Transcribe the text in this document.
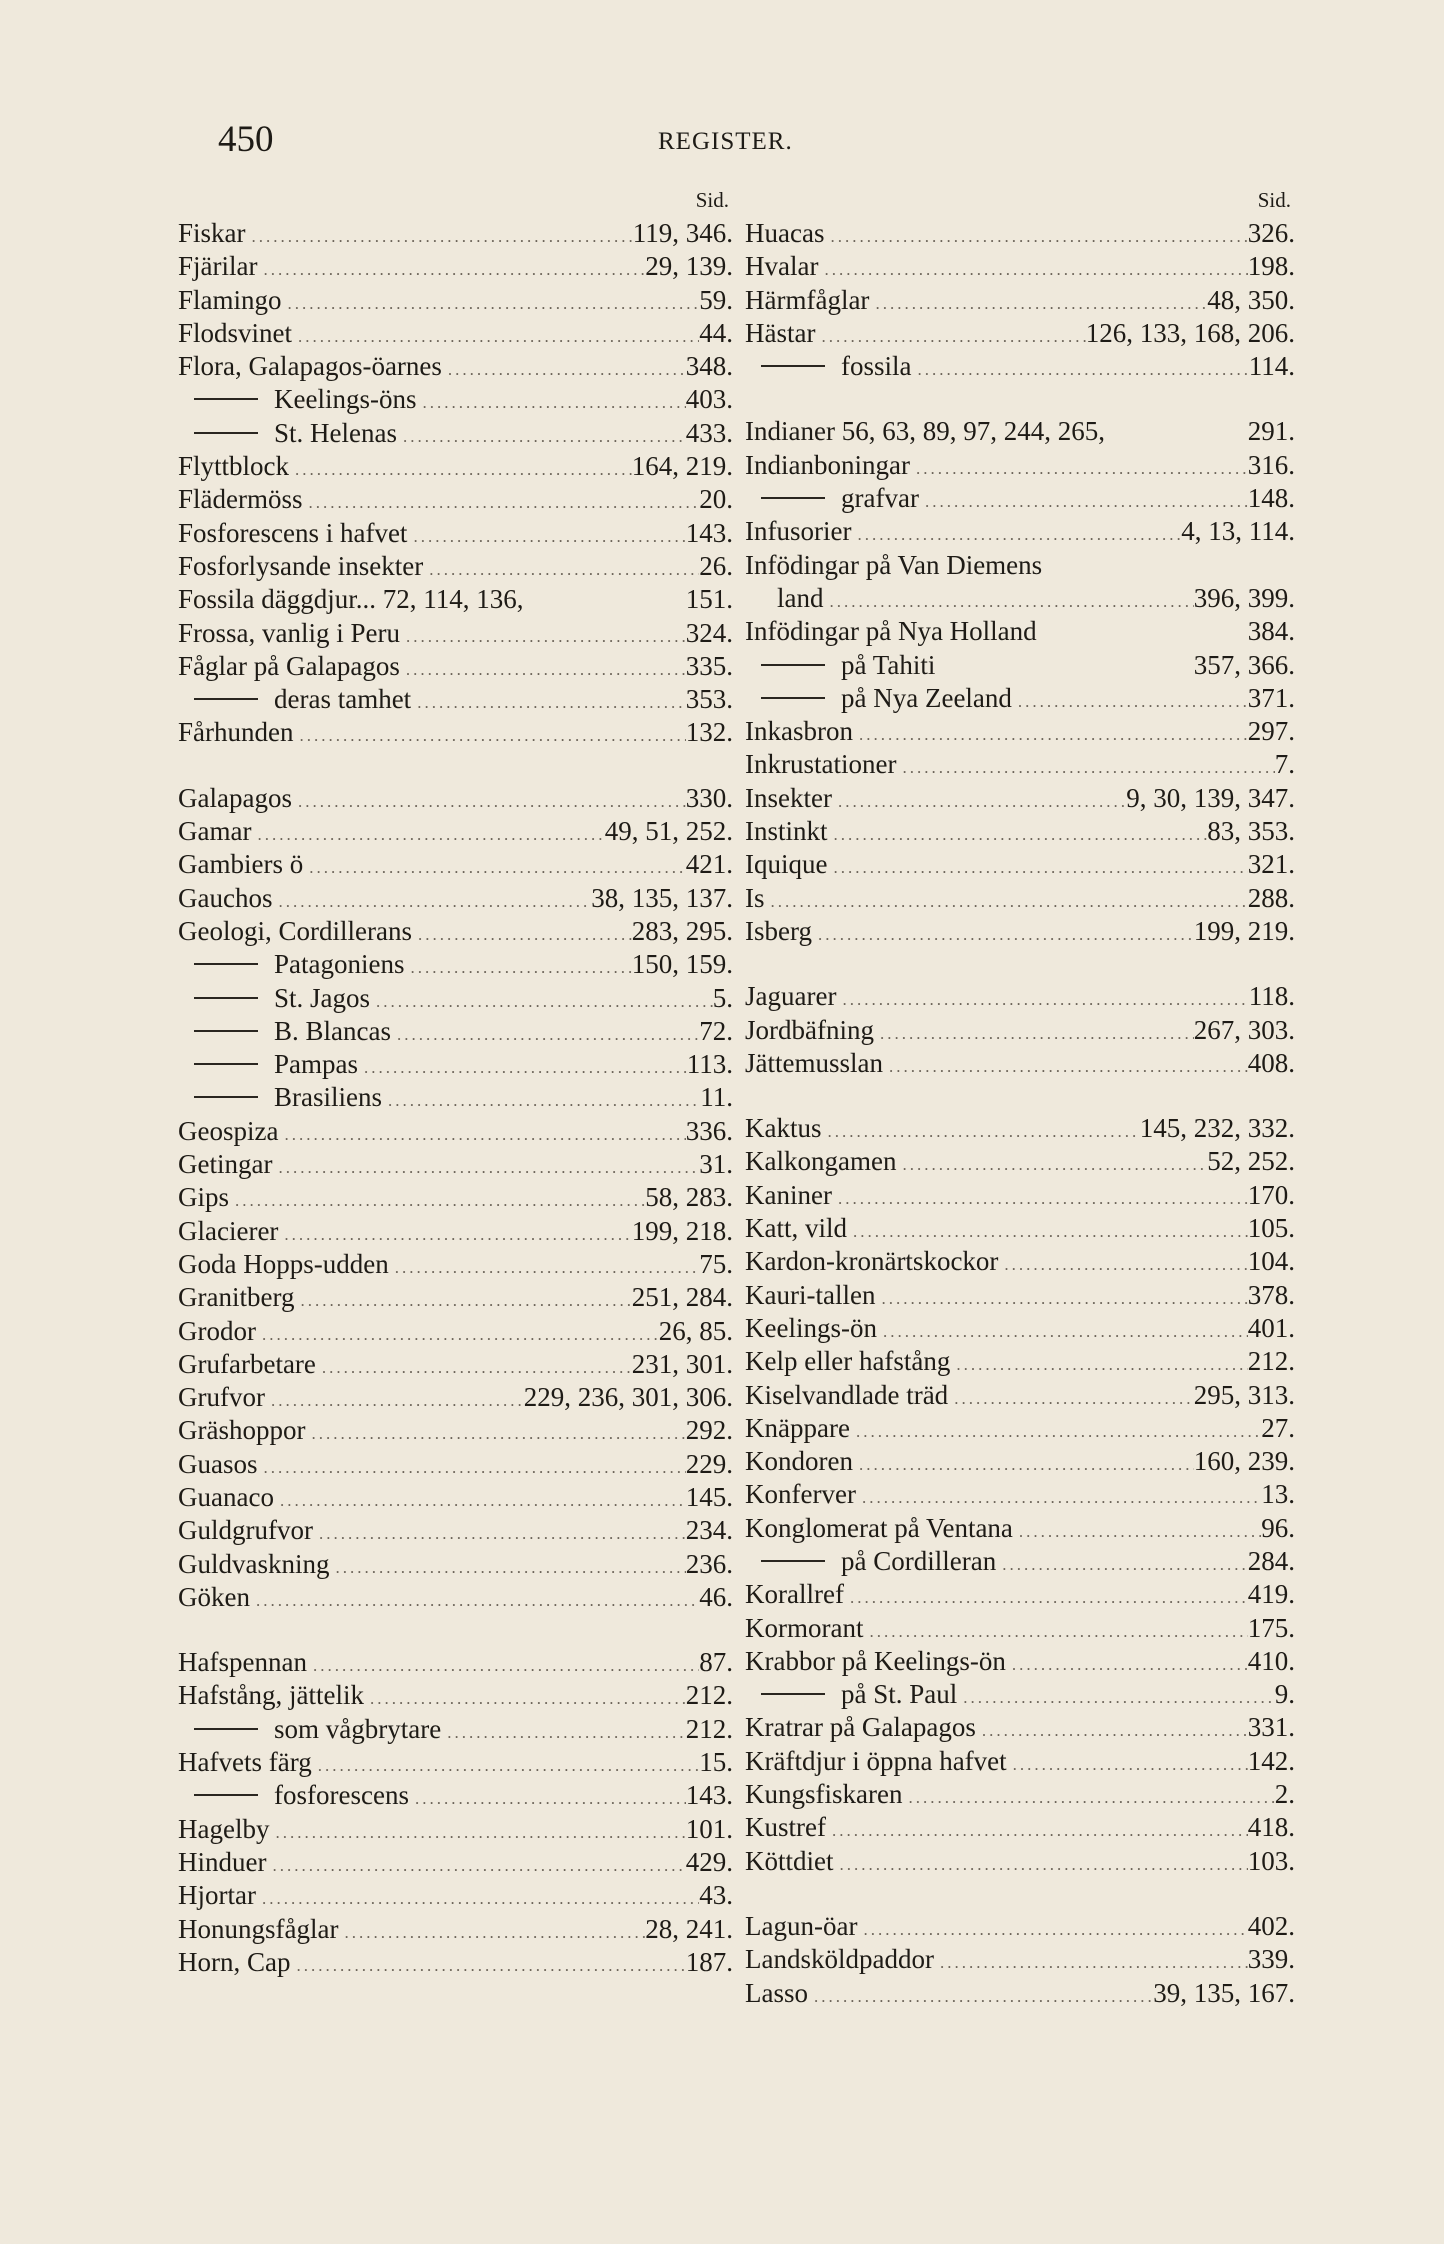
450	REGISTER.
Sid.
Fiskar .....	119, 346.
Fjärilar .....	29, 139.
Flamingo .....	59.
Flodsvinet .....	44.
Flora, Galapagos-öarnes .....	348.
Keelings-öns .....	403.
St. Helenas .....	433.
Flyttblock .....	164, 219.
Flädermöss .....	20.
Fosforescens i hafvet .....	143.
Fosforlysande insekter .....	26.
Fossila däggdjur... 72, 114, 136,	151.
Frossa, vanlig i Peru .....	324.
Fåglar på Galapagos .....	335.
deras tamhet .....	353.
Fårhunden .....	132.
Galapagos .....	330.
Gamar .....	49, 51, 252.
Gambiers ö .....	421.
Gauchos .....	38, 135, 137.
Geologi, Cordillerans .....	283, 295.
Patagoniens .....	150, 159.
St. Jagos .....	5.
B. Blancas .....	72.
Pampas .....	113.
Brasiliens .....	11.
Geospiza .....	336.
Getingar .....	31.
Gips .....	58, 283.
Glacierer .....	199, 218.
Goda Hopps-udden .....	75.
Granitberg .....	251, 284.
Grodor .....	26, 85.
Grufarbetare .....	231, 301.
Grufvor .....	229, 236, 301, 306.
Gräshoppor .....	292.
Guasos .....	229.
Guanaco .....	145.
Guldgrufvor .....	234.
Guldvaskning .....	236.
Göken .....	46.
Hafspennan .....	87.
Hafstång, jättelik .....	212.
som vågbrytare .....	212.
Hafvets färg .....	15.
fosforescens .....	143.
Hagelby .....	101.
Hinduer .....	429.
Hjortar .....	43.
Honungsfåglar .....	28, 241.
Horn, Cap .....	187.
Sid.
Huacas .....	326.
Hvalar .....	198.
Härmfåglar .....	48, 350.
Hästar .....	126, 133, 168, 206.
fossila .....	114.
Indianer 56, 63, 89, 97, 244, 265,	291.
Indianboningar .....	316.
grafvar .....	148.
Infusorier .....	4, 13, 114.
Infödingar på Van Diemens
land .....	396, 399.
Infödingar på Nya Holland	384.
på Tahiti	357, 366.
på Nya Zeeland .....	371.
Inkasbron .....	297.
Inkrustationer .....	7.
Insekter .....	9, 30, 139, 347.
Instinkt .....	83, 353.
Iquique .....	321.
Is .....	288.
Isberg .....	199, 219.
Jaguarer .....	118.
Jordbäfning .....	267, 303.
Jättemusslan .....	408.
Kaktus .....	145, 232, 332.
Kalkongamen .....	52, 252.
Kaniner .....	170.
Katt, vild .....	105.
Kardon-kronärtskockor .....	104.
Kauri-tallen .....	378.
Keelings-ön .....	401.
Kelp eller hafstång .....	212.
Kiselvandlade träd .....	295, 313.
Knäppare .....	27.
Kondoren .....	160, 239.
Konferver .....	13.
Konglomerat på Ventana .....	96.
på Cordilleran .....	284.
Korallref .....	419.
Kormorant .....	175.
Krabbor på Keelings-ön .....	410.
på St. Paul .....	9.
Kratrar på Galapagos .....	331.
Kräftdjur i öppna hafvet .....	142.
Kungsfiskaren .....	2.
Kustref .....	418.
Köttdiet .....	103.
Lagun-öar .....	402.
Landsköldpaddor .....	339.
Lasso .....	39, 135, 167.
